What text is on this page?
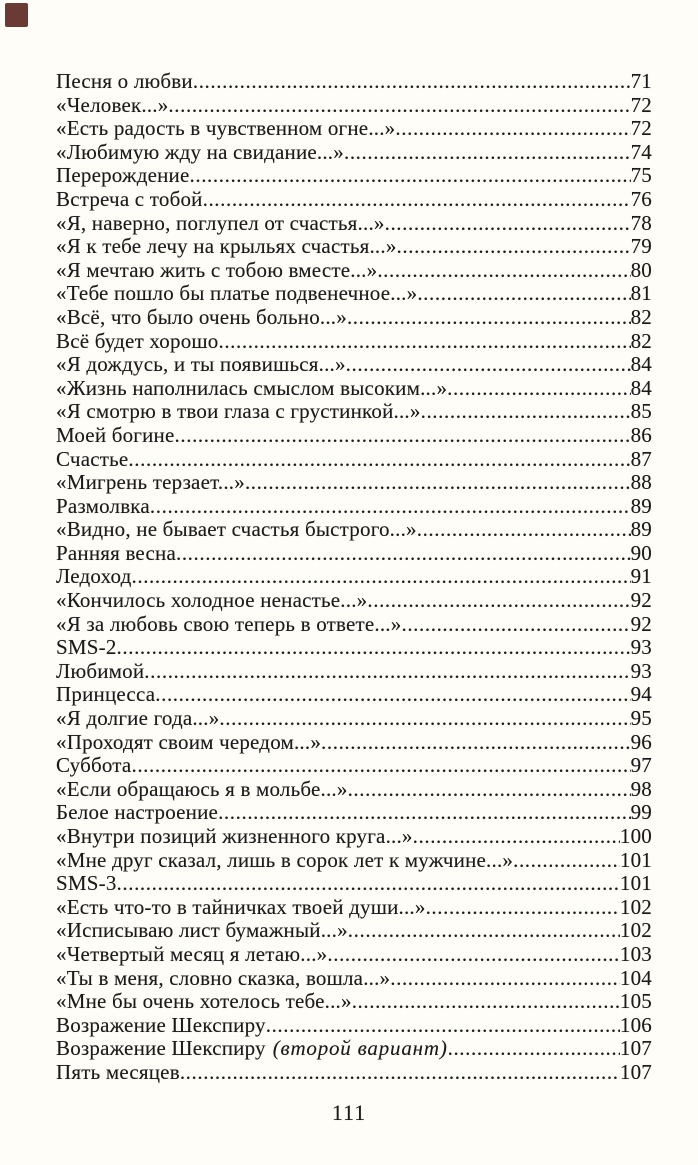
Песня о любви .....	71
«Человек...» .....	72
«Есть радость в чувственном огне...» .....	72
«Любимую жду на свидание...» .....	74
Перерождение .....	75
Встреча с тобой .....	76
«Я, наверно, поглупел от счастья...» .....	78
«Я к тебе лечу на крыльях счастья...» .....	79
«Я мечтаю жить с тобою вместе...» .....	80
«Тебе пошло бы платье подвенечное...» .....	81
«Всё, что было очень больно...» .....	82
Всё будет хорошо .....	82
«Я дождусь, и ты появишься...» .....	84
«Жизнь наполнилась смыслом высоким...» .....	84
«Я смотрю в твои глаза с грустинкой...» .....	85
Моей богине .....	86
Счастье .....	87
«Мигрень терзает...» .....	88
Размолвка .....	89
«Видно, не бывает счастья быстрого...» .....	89
Ранняя весна .....	90
Ледоход .....	91
«Кончилось холодное ненастье...» .....	92
«Я за любовь свою теперь в ответе...» .....	92
SMS-2 .....	93
Любимой .....	93
Принцесса .....	94
«Я долгие года...» .....	95
«Проходят своим чередом...» .....	96
Суббота .....	97
«Если обращаюсь я в мольбе...» .....	98
Белое настроение .....	99
«Внутри позиций жизненного круга...» .....	100
«Мне друг сказал, лишь в сорок лет к мужчине...» .....	101
SMS-3 .....	101
«Есть что-то в тайничках твоей души...» .....	102
«Исписываю лист бумажный...» .....	102
«Четвертый месяц я летаю...» .....	103
«Ты в меня, словно сказка, вошла...» .....	104
«Мне бы очень хотелось тебе...» .....	105
Возражение Шекспиру .....	106
Возражение Шекспиру (второй вариант) .....	107
Пять месяцев .....	107
111
